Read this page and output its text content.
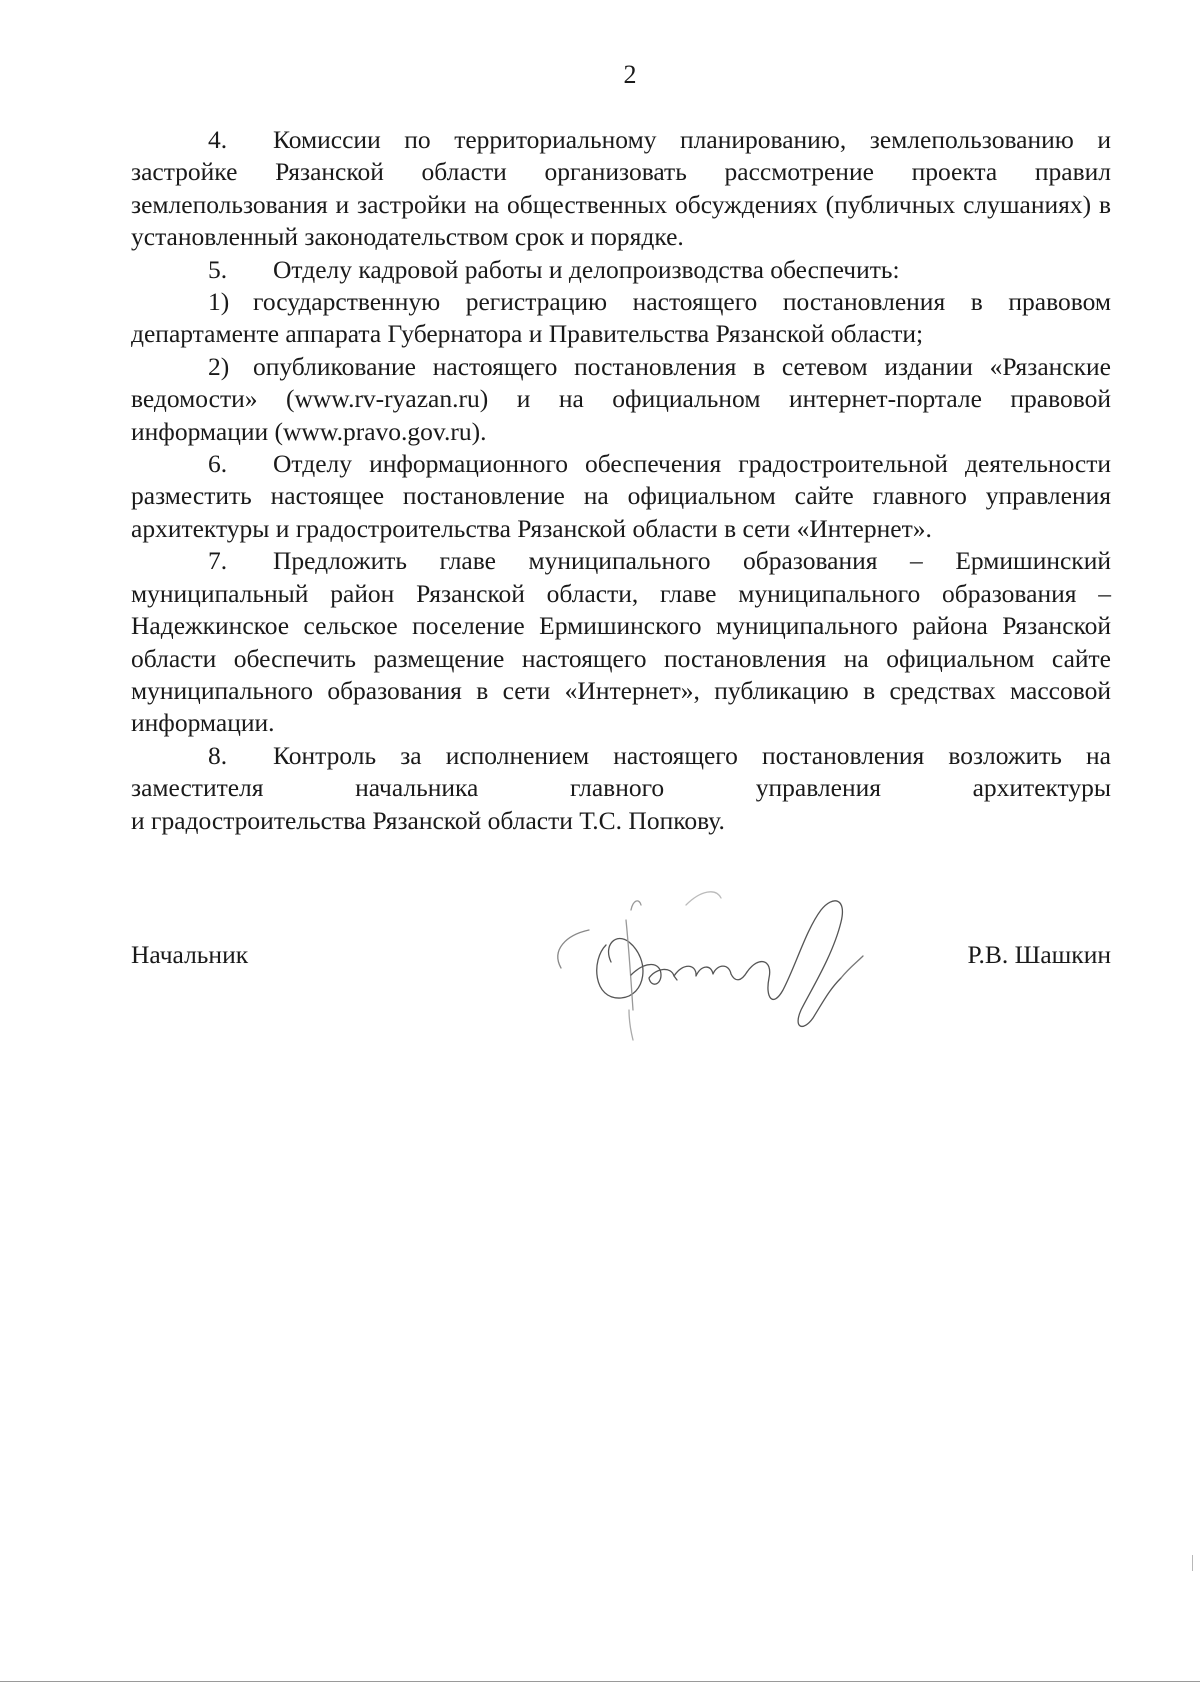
2

4. Комиссии по территориальному планированию, землепользованию и застройке Рязанской области организовать рассмотрение проекта правил землепользования и застройки на общественных обсуждениях (публичных слушаниях) в установленный законодательством срок и порядке.

5. Отделу кадровой работы и делопроизводства обеспечить:

1) государственную регистрацию настоящего постановления в правовом департаменте аппарата Губернатора и Правительства Рязанской области;

2) опубликование настоящего постановления в сетевом издании «Рязанские ведомости» (www.rv-ryazan.ru) и на официальном интернет-портале правовой информации (www.pravo.gov.ru).

6. Отделу информационного обеспечения градостроительной деятельности разместить настоящее постановление на официальном сайте главного управления архитектуры и градостроительства Рязанской области в сети «Интернет».

7. Предложить главе муниципального образования – Ермишинский муниципальный район Рязанской области, главе муниципального образования – Надежкинское сельское поселение Ермишинского муниципального района Рязанской области обеспечить размещение настоящего постановления на официальном сайте муниципального образования в сети «Интернет», публикацию в средствах массовой информации.

8. Контроль за исполнением настоящего постановления возложить на заместителя начальника главного управления архитектуры

и градостроительства Рязанской области Т.С. Попкову.

Начальник	Р.В. Шашкин
